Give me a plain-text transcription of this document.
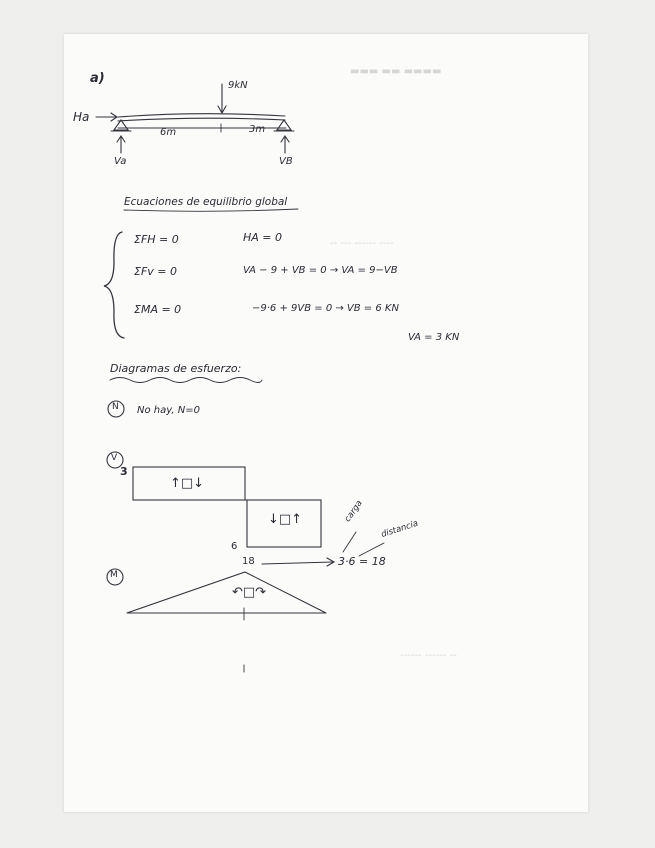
▬▬▬ ▬▬ ▬▬▬▬
-- --- ------ ----
------ ------ --
a)	9kN
Ha
6m	3m
Va	VB
Ecuaciones de equilibrio global
ΣFH = 0	HA = 0
ΣFv = 0	VA − 9 + VB = 0 → VA = 9−VB
ΣMA = 0	−9·6 + 9VB = 0 → VB = 6 KN
VA = 3 KN
Diagramas de esfuerzo:
N No hay, N=0
V
3
↑□↓
6
↓□↑
M
18
↶□↷
3·6 = 18
carga
distancia
